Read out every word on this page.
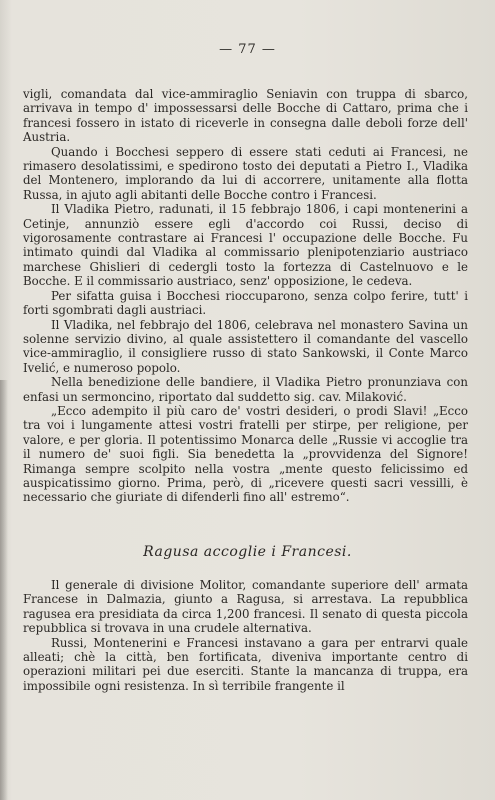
— 77 —

vigli, comandata dal vice-ammiraglio Seniavin con truppa di sbarco, arrivava in tempo d' impossessarsi delle Bocche di Cattaro, prima che i francesi fossero in istato di riceverle in consegna dalle deboli forze dell' Austria.

Quando i Bocchesi seppero di essere stati ceduti ai Francesi, ne rimasero desolatissimi, e spedirono tosto dei deputati a Pietro I., Vladika del Montenero, implorando da lui di accorrere, unitamente alla flotta Russa, in ajuto agli abitanti delle Bocche contro i Francesi.

Il Vladika Pietro, radunati, il 15 febbrajo 1806, i capi montenerini a Cetinje, annunziò essere egli d'accordo coi Russi, deciso di vigorosamente contrastare ai Francesi l' occupazione delle Bocche. Fu intimato quindi dal Vladika al commissario plenipotenziario austriaco marchese Ghislieri di cedergli tosto la fortezza di Castelnuovo e le Bocche. E il commissario austriaco, senz' opposizione, le cedeva.

Per sifatta guisa i Bocchesi rioccuparono, senza colpo ferire, tutt' i forti sgombrati dagli austriaci.

Il Vladika, nel febbrajo del 1806, celebrava nel monastero Savina un solenne servizio divino, al quale assistettero il comandante del vascello vice-ammiraglio, il consigliere russo di stato Sankowski, il Conte Marco Ivelić, e numeroso popolo.

Nella benedizione delle bandiere, il Vladika Pietro pronunziava con enfasi un sermoncino, riportato dal suddetto sig. cav. Milaković.

„Ecco adempito il più caro de' vostri desideri, o prodi Slavi! „Ecco tra voi i lungamente attesi vostri fratelli per stirpe, per religione, per valore, e per gloria. Il potentissimo Monarca delle „Russie vi accoglie tra il numero de' suoi figli. Sia benedetta la „provvidenza del Signore! Rimanga sempre scolpito nella vostra „mente questo felicissimo ed auspicatissimo giorno. Prima, però, di „ricevere questi sacri vessilli, è necessario che giuriate di difenderli fino all' estremo“.

Ragusa accoglie i Francesi.

Il generale di divisione Molitor, comandante superiore dell' armata Francese in Dalmazia, giunto a Ragusa, si arrestava. La repubblica ragusea era presidiata da circa 1,200 francesi. Il senato di questa piccola repubblica si trovava in una crudele alternativa.

Russi, Montenerini e Francesi instavano a gara per entrarvi quale alleati; chè la città, ben fortificata, diveniva importante centro di operazioni militari pei due eserciti. Stante la mancanza di truppa, era impossibile ogni resistenza. In sì terribile frangente il
